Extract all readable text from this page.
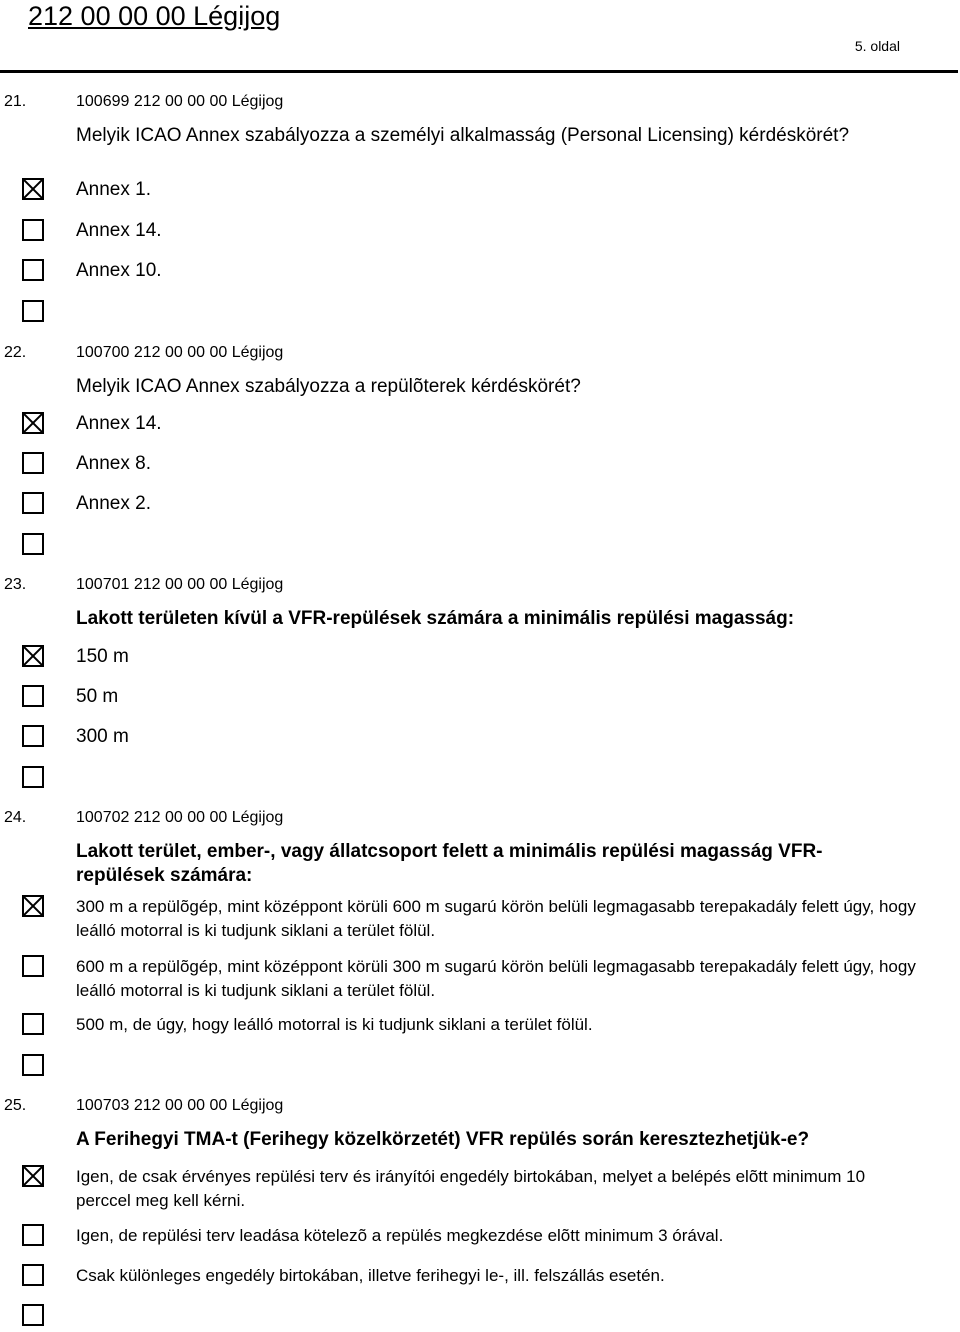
212 00 00 00 Légijog
5. oldal
21.	100699 212 00 00 00 Légijog
Melyik ICAO Annex szabályozza a személyi alkalmasság (Personal Licensing) kérdéskörét?
Annex 1.
Annex 14.
Annex 10.
22.	100700 212 00 00 00 Légijog
Melyik ICAO Annex szabályozza a repülõterek kérdéskörét?
Annex 14.
Annex 8.
Annex 2.
23.	100701 212 00 00 00 Légijog
Lakott területen kívül a VFR-repülések számára a minimális repülési magasság:
150 m
50 m
300 m
24.	100702 212 00 00 00 Légijog
Lakott terület, ember-, vagy állatcsoport felett a minimális repülési magasság VFR-repülések számára:
300 m a repülõgép, mint középpont körüli 600 m sugarú körön belüli legmagasabb terepakadály felett úgy, hogy leálló motorral is ki tudjunk siklani a terület fölül.
600 m a repülõgép, mint középpont körüli 300 m sugarú körön belüli legmagasabb terepakadály felett úgy, hogy leálló motorral is ki tudjunk siklani a terület fölül.
500 m, de úgy, hogy leálló motorral is ki tudjunk siklani a terület fölül.
25.	100703 212 00 00 00 Légijog
A Ferihegyi TMA-t (Ferihegy közelkörzetét) VFR repülés során keresztezhetjük-e?
Igen, de csak érvényes repülési terv és irányítói engedély birtokában, melyet a belépés elõtt minimum 10 perccel meg kell kérni.
Igen, de repülési terv leadása kötelezõ a repülés megkezdése elõtt minimum 3 órával.
Csak különleges engedély birtokában, illetve ferihegyi le-, ill. felszállás esetén.
